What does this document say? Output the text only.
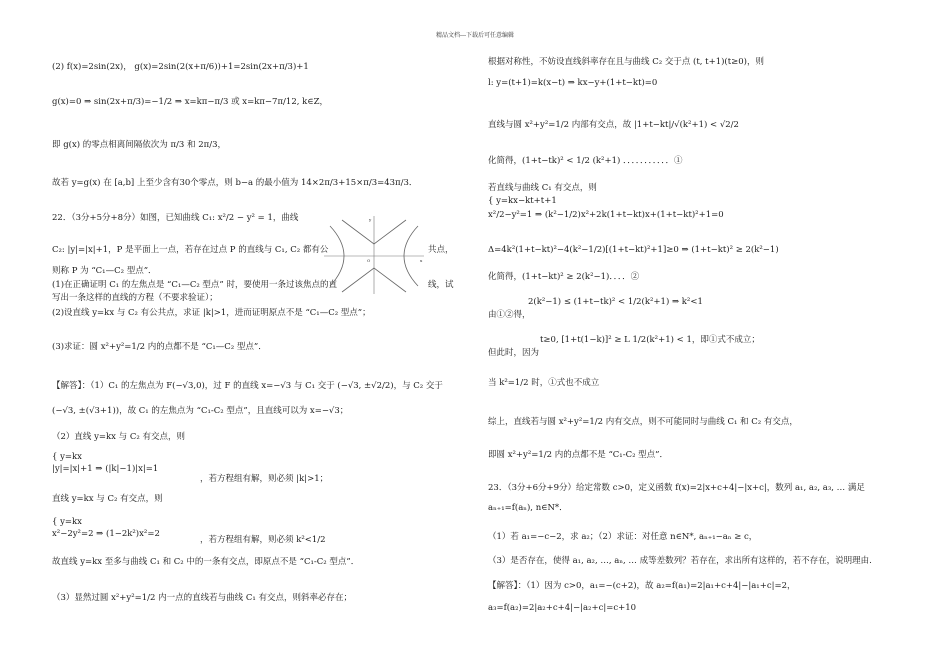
精品文档---下载后可任意编辑
(2) f(x)=2sin(2x)， g(x)=2sin(2(x+π/6))+1=2sin(2x+π/3)+1
g(x)=0 ⇒ sin(2x+π/3)=−1/2 ⇒ x=kπ−π/3 或 x=kπ−7π/12, k∈Z，
即 g(x) 的零点相离间隔依次为 π/3 和 2π/3，
故若 y=g(x) 在 [a,b] 上至少含有30个零点，则 b−a 的最小值为 14×2π/3+15×π/3=43π/3．
22．（3分+5分+8分）如图，已知曲线 C₁: x²/2 − y² = 1，曲线
C₂: |y|=|x|+1，P 是平面上一点，若存在过点 P 的直线与 C₁, C₂ 都有公	共点，
则称 P 为 “C₁—C₂ 型点”．
(1)在正确证明 C₁ 的左焦点是 “C₁—C₂ 型点” 时，要使用一条过该焦点的直	线，试
写出一条这样的直线的方程（不要求验证）；
(2)设直线 y=kx 与 C₂ 有公共点，求证 |k|>1，进而证明原点不是 “C₁—C₂ 型点”；
(3)求证：圆 x²+y²=1/2 内的点都不是 “C₁—C₂ 型点”．
【解答】：（1）C₁ 的左焦点为 F(−√3,0)，过 F 的直线 x=−√3 与 C₁ 交于 (−√3, ±√2/2)，与 C₂ 交于
(−√3, ±(√3+1))，故 C₁ 的左焦点为 “C₁-C₂ 型点”，且直线可以为 x=−√3；
（2）直线 y=kx 与 C₂ 有交点，则
{ y=kx
|y|=|x|+1 ⇒ (|k|−1)|x|=1
，若方程组有解，则必须 |k|>1；
直线 y=kx 与 C₂ 有交点，则
{ y=kx
x²−2y²=2 ⇒ (1−2k²)x²=2
，若方程组有解，则必须 k²<1/2
故直线 y=kx 至多与曲线 C₁ 和 C₂ 中的一条有交点，即原点不是 “C₁-C₂ 型点”．
（3）显然过圆 x²+y²=1/2 内一点的直线若与曲线 C₁ 有交点，则斜率必存在；
y
O	x
根据对称性，不妨设直线斜率存在且与曲线 C₂ 交于点 (t, t+1)(t≥0)，则
l: y=(t+1)=k(x−t) ⇒ kx−y+(1+t−kt)=0
直线与圆 x²+y²=1/2 内部有交点，故 |1+t−kt|/√(k²+1) < √2/2
化简得，(1+t−tk)² < 1/2 (k²+1) ．．．．．．．．．．．①
若直线与曲线 C₁ 有交点，则
{ y=kx−kt+t+1
x²/2−y²=1 ⇒ (k²−1/2)x²+2k(1+t−kt)x+(1+t−kt)²+1=0
Δ=4k²(1+t−kt)²−4(k²−1/2)[(1+t−kt)²+1]≥0 ⇒ (1+t−kt)² ≥ 2(k²−1)
化简得，(1+t−kt)² ≥ 2(k²−1)．．．．②
2(k²−1) ≤ (1+t−tk)² < 1/2(k²+1) ⇒ k²<1
由①②得，
t≥0, [1+t(1−k)]² ≥ L 1/2(k²+1) < 1，即①式不成立；
但此时，因为
当 k²=1/2 时，①式也不成立
综上，直线若与圆 x²+y²=1/2 内有交点，则不可能同时与曲线 C₁ 和 C₂ 有交点，
即圆 x²+y²=1/2 内的点都不是 “C₁-C₂ 型点”．
23．（3分+6分+9分）给定常数 c>0，定义函数 f(x)=2|x+c+4|−|x+c|，数列 a₁, a₂, a₃, … 满足
aₙ₊₁=f(aₙ), n∈N*．
（1）若 a₁=−c−2，求 a₂；（2）求证：对任意 n∈N*, aₙ₊₁−aₙ ≥ c，
（3）是否存在，使得 a₁, a₂, …, aₙ, … 成等差数列？若存在，求出所有这样的，若不存在，说明理由.
【解答】：（1）因为 c>0，a₁=−(c+2)，故 a₂=f(a₁)=2|a₁+c+4|−|a₁+c|=2，
a₃=f(a₂)=2|a₂+c+4|−|a₂+c|=c+10
